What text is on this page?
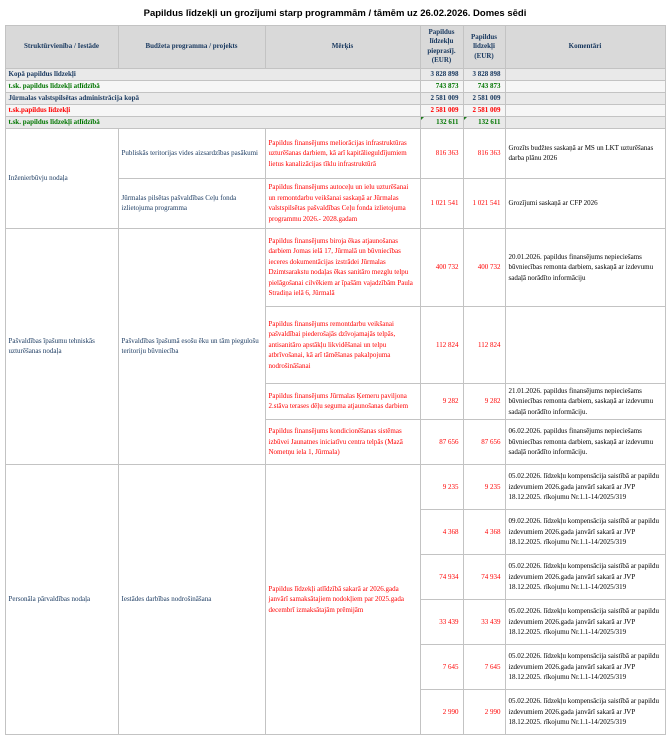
Papildus līdzekļi un grozījumi starp programmām / tāmēm uz 26.02.2026. Domes sēdi
Struktūrvienība / Iestāde	Budžeta programma / projekts	Mērķis	Papildus līdzekļu pieprasīj. (EUR)	Papildus līdzekļi (EUR)	Komentāri
Kopā papildus līdzekļi			3 828 898	3 828 898	
t.sk. papildus līdzekļi atlīdzībā			743 873	743 873	
Jūrmalas valstspilsētas administrācija kopā			2 581 009	2 581 009	
t.sk.papildus līdzekļi			2 581 009	2 581 009	
t.sk. papildus līdzekļi atlīdzībā			132 611	132 611	
Inženierbūvju nodaļa	Publiskās teritorijas vides aizsardzības pasākumi	Papildus finansējums meliorācijas infrastruktūras uzturēšanas darbiem, kā arī kapitālieguldījumiem lietus kanalizācijas tīklu infrastruktūrā	816 363	816 363	Grozīts budžtes saskaņā ar MS un LKT uzturēšanas darba plānu 2026
	Jūrmalas pilsētas pašvaldības Ceļu fonda izlietojuma programma	Papildus finansējums autoceļu un ielu uzturēšanai un remontdarbu veikšanai saskaņā ar Jūrmalas valstspilsētas pašvaldības Ceļu fonda izlietojuma programmu 2026.- 2028.gadam	1 021 541	1 021 541	Grozījumi saskaņā ar CFP 2026
Pašvaldības īpašumu tehniskās uzturēšanas nodaļa	Pašvaldības īpašumā esošu ēku un tām piegulošu teritoriju būvniecība	Papildus finansējums biroja ēkas atjaunošanas darbiem Jomas ielā 17, Jūrmalā un būvniecības ieceres dokumentācijas izstrādei Jūrmalas Dzimtsarakstu nodaļas ēkas sanitāro mezglu telpu pielāgošanai cilvēkiem ar īpašām vajadzībām Paula Stradiņa ielā 6, Jūrmalā	400 732	400 732	20.01.2026. papildus finansējums nepieciešams būvniecības remonta darbiem, saskaņā ar izdevumu sadaļā norādīto informāciju
		Papildus finansējums remontdarbu veikšanai pašvaldībai piederošajās dzīvojamajās telpās, antisanitāro apstākļu likvidēšanai un telpu atbrīvošanai, kā arī tāmēšanas pakalpojuma nodrošināšanai	112 824	112 824	
		Papildus finansējums Jūrmalas Ķemeru paviljona 2.stāva terases dēļu seguma atjaunošanas darbiem	9 282	9 282	21.01.2026. papildus finansējums nepieciešams būvniecības remonta darbiem, saskaņā ar izdevumu sadaļā norādīto informāciju.
		Papildus finansējums kondicionēšanas sistēmas izbūvei Jaunatnes iniciatīvu centra telpās (Mazā Nometņu iela 1, Jūrmala)	87 656	87 656	06.02.2026. papildus finansējums nepieciešams būvniecības remonta darbiem, saskaņā ar izdevumu sadaļā norādīto informāciju.
Personāla pārvaldības nodaļa	Iestādes darbības nodrošināšana	Papildus līdzekļi atlīdzībā sakarā ar 2026.gada janvārī samaksātajiem nodokļiem par 2025.gada decembrī izmaksātajām prēmijām	9 235	9 235	05.02.2026. līdzekļu kompensācija saistībā ar papildu izdevumiem 2026.gada janvārī sakarā ar JVP 18.12.2025. rīkojumu Nr.1.1-14/2025/319
			4 368	4 368	09.02.2026. līdzekļu kompensācija saistībā ar papildu izdevumiem 2026.gada janvārī sakarā ar JVP 18.12.2025. rīkojumu Nr.1.1-14/2025/319
			74 934	74 934	05.02.2026. līdzekļu kompensācija saistībā ar papildu izdevumiem 2026.gada janvārī sakarā ar JVP 18.12.2025. rīkojumu Nr.1.1-14/2025/319
			33 439	33 439	05.02.2026. līdzekļu kompensācija saistībā ar papildu izdevumiem 2026.gada janvārī sakarā ar JVP 18.12.2025. rīkojumu Nr.1.1-14/2025/319
			7 645	7 645	05.02.2026. līdzekļu kompensācija saistībā ar papildu izdevumiem 2026.gada janvārī sakarā ar JVP 18.12.2025. rīkojumu Nr.1.1-14/2025/319
			2 990	2 990	05.02.2026. līdzekļu kompensācija saistībā ar papildu izdevumiem 2026.gada janvārī sakarā ar JVP 18.12.2025. rīkojumu Nr.1.1-14/2025/319
